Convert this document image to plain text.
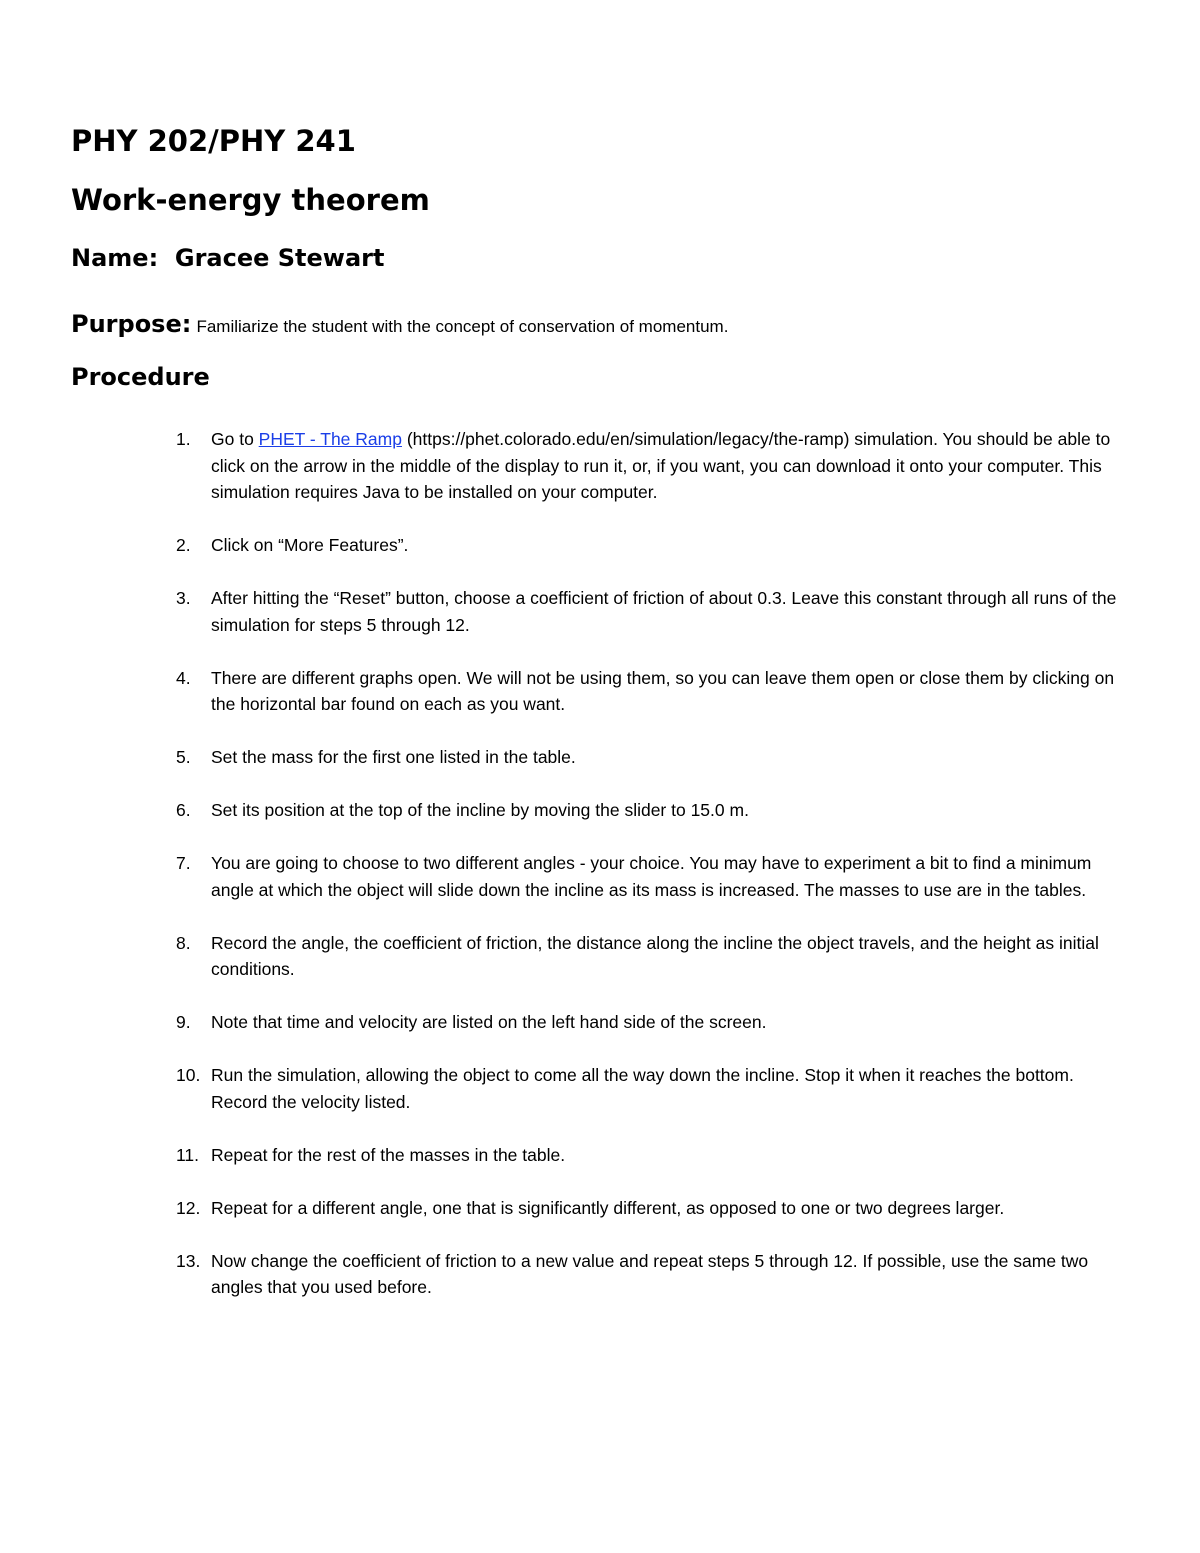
PHY 202/PHY 241
Work-energy theorem
Name: Gracee Stewart
Purpose: Familiarize the student with the concept of conservation of momentum.
Procedure
1. Go to PHET - The Ramp (https://phet.colorado.edu/en/simulation/legacy/the-ramp) simulation. You should be able to click on the arrow in the middle of the display to run it, or, if you want, you can download it onto your computer. This simulation requires Java to be installed on your computer.
2. Click on “More Features”.
3. After hitting the “Reset” button, choose a coefficient of friction of about 0.3. Leave this constant through all runs of the simulation for steps 5 through 12.
4. There are different graphs open. We will not be using them, so you can leave them open or close them by clicking on the horizontal bar found on each as you want.
5. Set the mass for the first one listed in the table.
6. Set its position at the top of the incline by moving the slider to 15.0 m.
7. You are going to choose to two different angles - your choice. You may have to experiment a bit to find a minimum angle at which the object will slide down the incline as its mass is increased. The masses to use are in the tables.
8. Record the angle, the coefficient of friction, the distance along the incline the object travels, and the height as initial conditions.
9. Note that time and velocity are listed on the left hand side of the screen.
10. Run the simulation, allowing the object to come all the way down the incline. Stop it when it reaches the bottom. Record the velocity listed.
11. Repeat for the rest of the masses in the table.
12. Repeat for a different angle, one that is significantly different, as opposed to one or two degrees larger.
13. Now change the coefficient of friction to a new value and repeat steps 5 through 12. If possible, use the same two angles that you used before.
